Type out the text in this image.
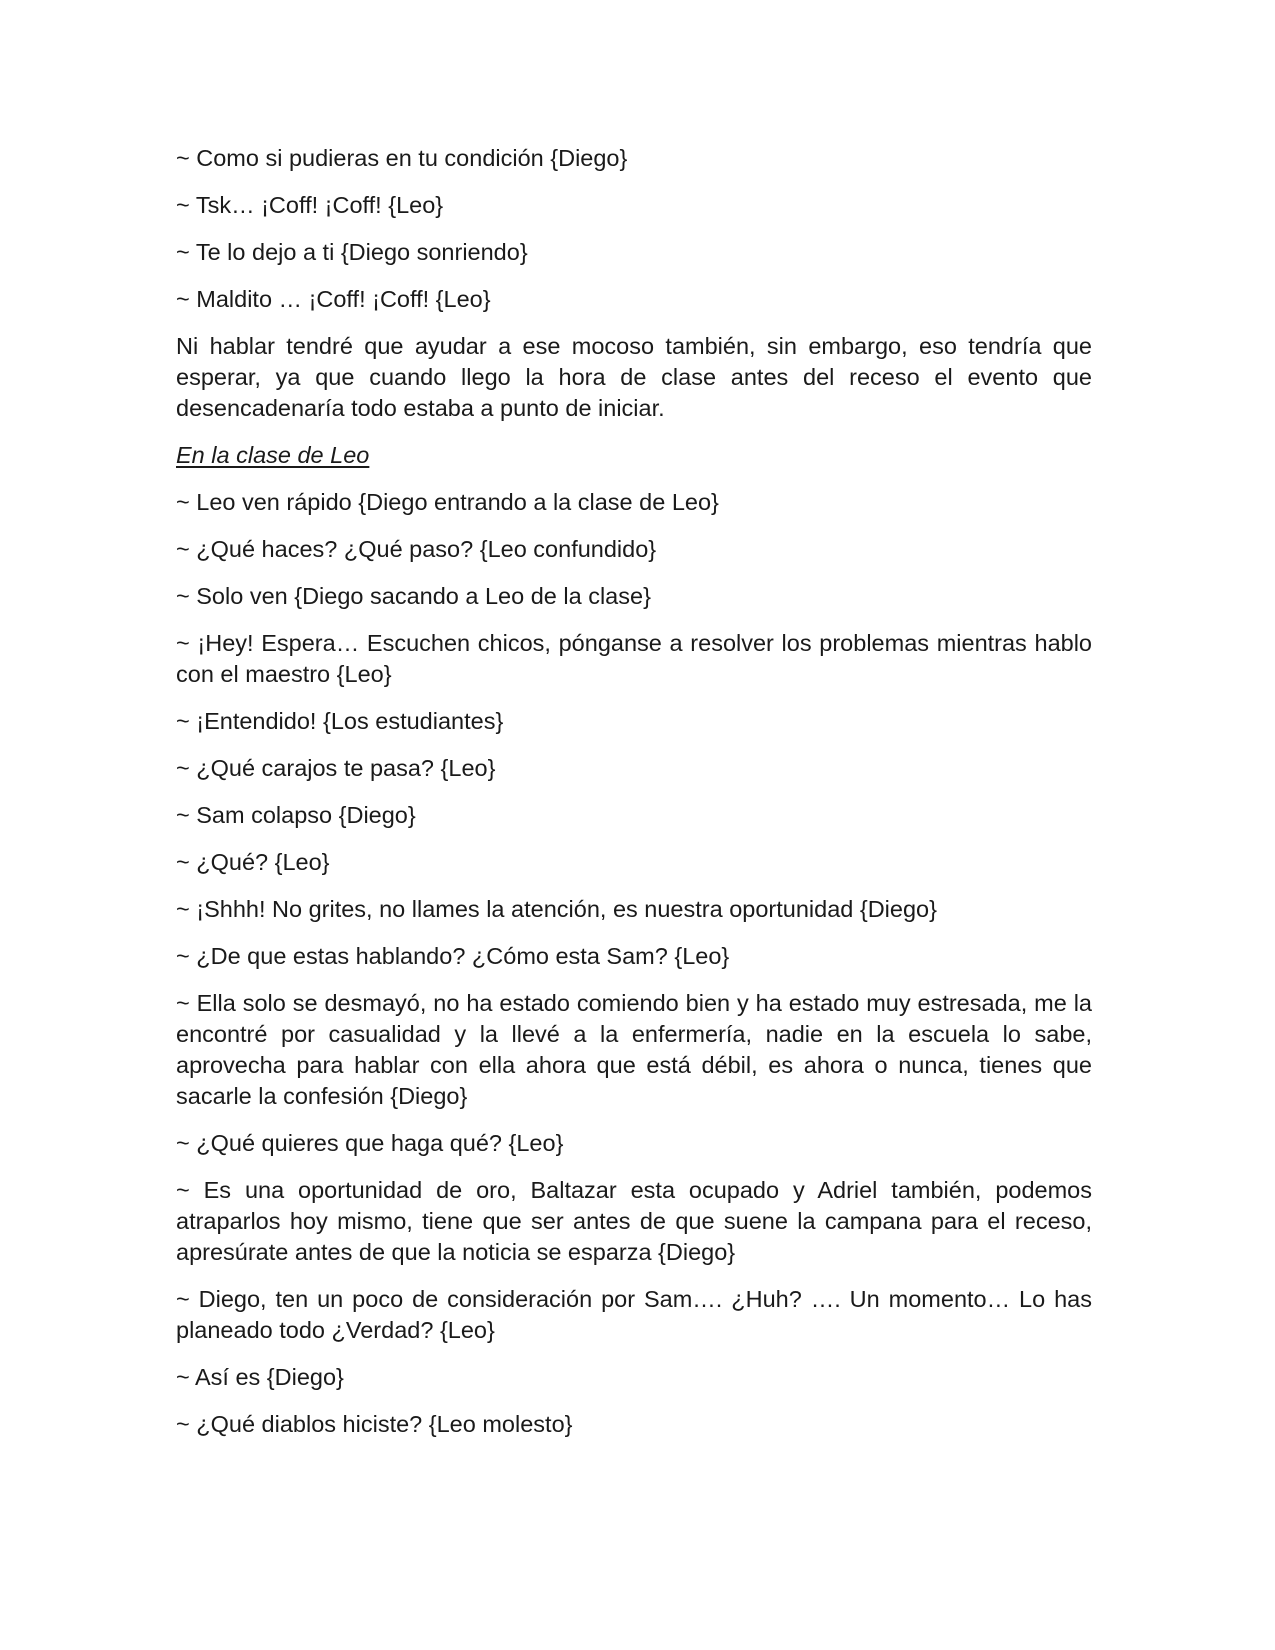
~ Como si pudieras en tu condición {Diego}

~ Tsk… ¡Coff! ¡Coff! {Leo}

~ Te lo dejo a ti {Diego sonriendo}

~ Maldito … ¡Coff! ¡Coff! {Leo}

Ni hablar tendré que ayudar a ese mocoso también, sin embargo, eso tendría que esperar, ya que cuando llego la hora de clase antes del receso el evento que desencadenaría todo estaba a punto de iniciar.

En la clase de Leo

~ Leo ven rápido {Diego entrando a la clase de Leo}

~ ¿Qué haces? ¿Qué paso? {Leo confundido}

~ Solo ven {Diego sacando a Leo de la clase}

~ ¡Hey! Espera… Escuchen chicos, pónganse a resolver los problemas mientras hablo con el maestro {Leo}

~ ¡Entendido! {Los estudiantes}

~ ¿Qué carajos te pasa? {Leo}

~ Sam colapso {Diego}

~ ¿Qué? {Leo}

~ ¡Shhh! No grites, no llames la atención, es nuestra oportunidad {Diego}

~ ¿De que estas hablando? ¿Cómo esta Sam? {Leo}

~ Ella solo se desmayó, no ha estado comiendo bien y ha estado muy estresada, me la encontré por casualidad y la llevé a la enfermería, nadie en la escuela lo sabe, aprovecha para hablar con ella ahora que está débil, es ahora o nunca, tienes que sacarle la confesión {Diego}

~ ¿Qué quieres que haga qué? {Leo}

~ Es una oportunidad de oro, Baltazar esta ocupado y Adriel también, podemos atraparlos hoy mismo, tiene que ser antes de que suene la campana para el receso, apresúrate antes de que la noticia se esparza {Diego}

~ Diego, ten un poco de consideración por Sam…. ¿Huh? …. Un momento… Lo has planeado todo ¿Verdad? {Leo}

~ Así es {Diego}

~ ¿Qué diablos hiciste? {Leo molesto}
